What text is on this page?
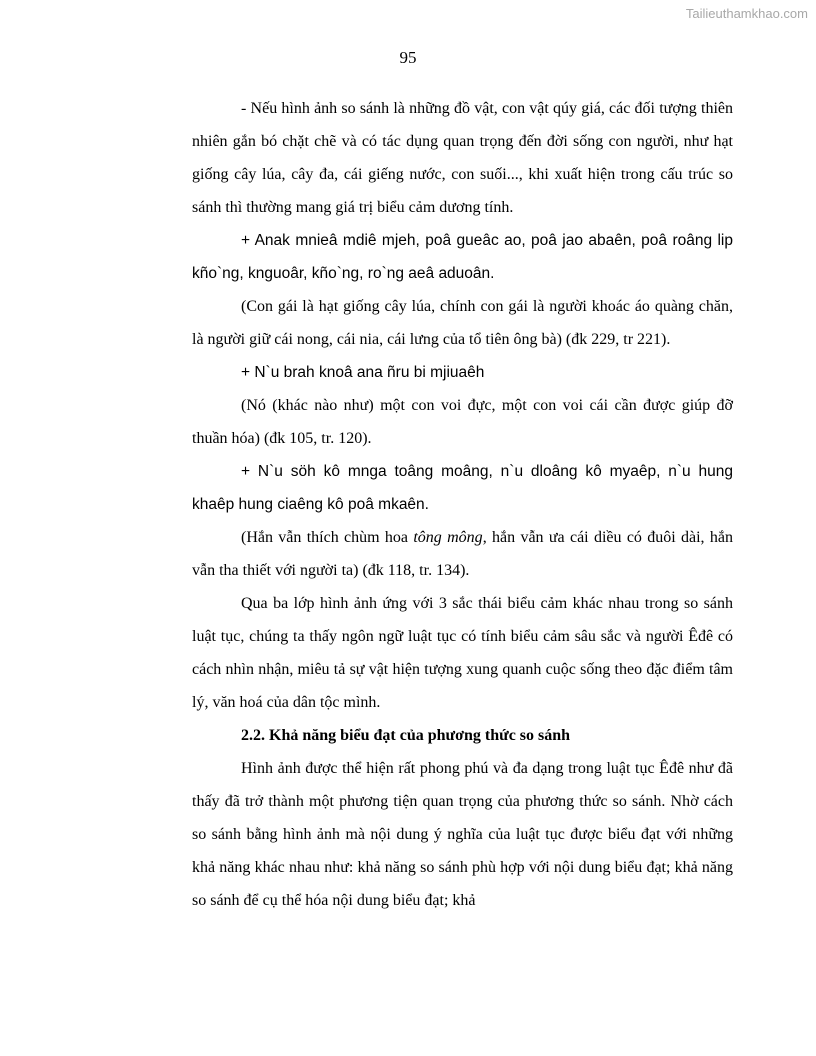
Tailieuthamkhao.com
95

- Nếu hình ảnh so sánh là những đồ vật, con vật qúy giá, các đối tượng thiên nhiên gắn bó chặt chẽ và có tác dụng quan trọng đến đời sống con người, như hạt giống cây lúa, cây đa, cái giếng nước, con suối..., khi xuất hiện trong cấu trúc so sánh thì thường mang giá trị biểu cảm dương tính.

+ Anak mnieâ mdiê mjeh, poâ gueâc ao, poâ jao abaên, poâ roâng lip kño`ng, knguoâr, kño`ng, ro`ng aeâ aduoân.

(Con gái là hạt giống cây lúa, chính con gái là người khoác áo quàng chăn, là người giữ cái nong, cái nia, cái lưng của tổ tiên ông bà) (đk 229, tr 221).

+ N`u brah knoâ ana ñru bi mjiuaêh

(Nó (khác nào như) một con voi đực, một con voi cái cần được giúp đỡ thuần hóa) (đk 105, tr. 120).

+ N`u söh kô mnga toâng moâng, n`u dloâng kô myaêp, n`u hung khaêp hung ciaêng kô poâ mkaên.

(Hắn vẫn thích chùm hoa tông mông, hắn vẫn ưa cái diều có đuôi dài, hắn vẫn tha thiết với người ta) (đk 118, tr. 134).

Qua ba lớp hình ảnh ứng với 3 sắc thái biểu cảm khác nhau trong so sánh luật tục, chúng ta thấy ngôn ngữ luật tục có tính biểu cảm sâu sắc và người Êđê có cách nhìn nhận, miêu tả sự vật hiện tượng xung quanh cuộc sống theo đặc điểm tâm lý, văn hoá của dân tộc mình.

2.2. Khả năng biểu đạt của phương thức so sánh

Hình ảnh được thể hiện rất phong phú và đa dạng trong luật tục Êđê như đã thấy đã trở thành một phương tiện quan trọng của phương thức so sánh. Nhờ cách so sánh bằng hình ảnh mà nội dung ý nghĩa của luật tục được biểu đạt với những khả năng khác nhau như: khả năng so sánh phù hợp với nội dung biểu đạt; khả năng so sánh để cụ thể hóa nội dung biểu đạt; khả
